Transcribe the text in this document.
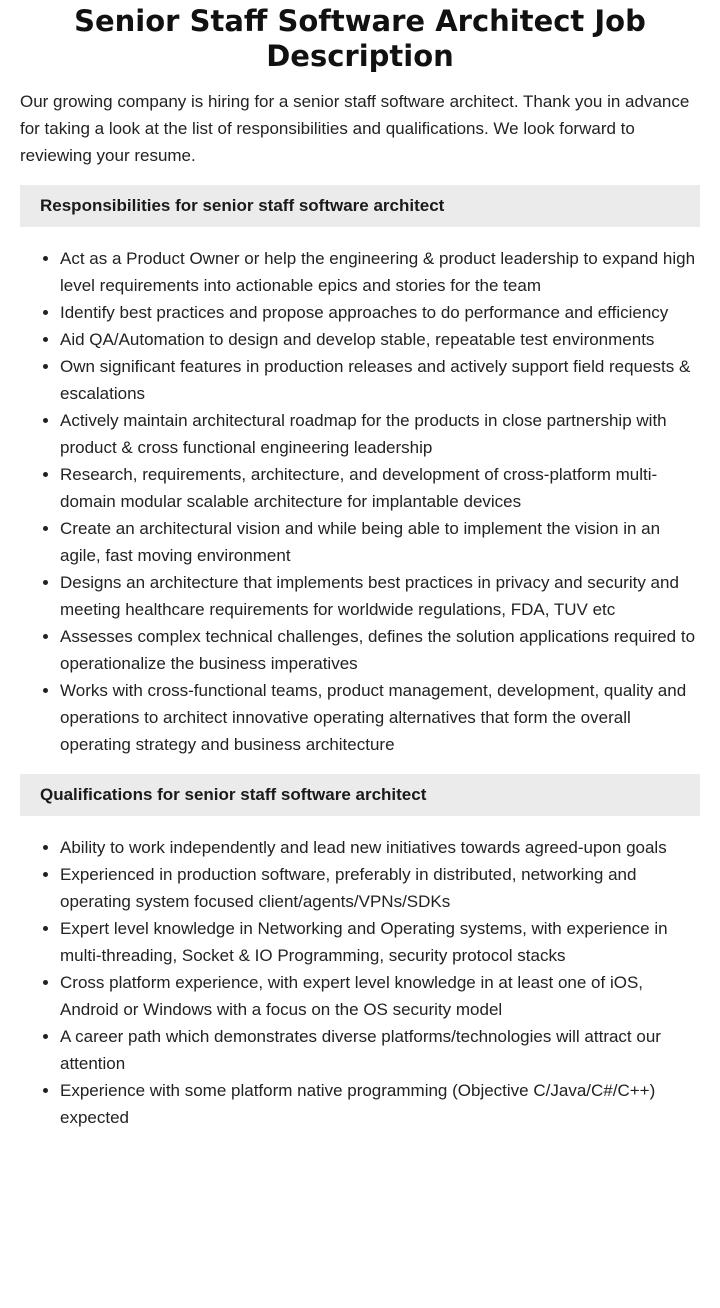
Senior Staff Software Architect Job Description

Our growing company is hiring for a senior staff software architect. Thank you in advance for taking a look at the list of responsibilities and qualifications. We look forward to reviewing your resume.

Responsibilities for senior staff software architect
• Act as a Product Owner or help the engineering & product leadership to expand high level requirements into actionable epics and stories for the team
• Identify best practices and propose approaches to do performance and efficiency
• Aid QA/Automation to design and develop stable, repeatable test environments
• Own significant features in production releases and actively support field requests & escalations
• Actively maintain architectural roadmap for the products in close partnership with product & cross functional engineering leadership
• Research, requirements, architecture, and development of cross-platform multi-domain modular scalable architecture for implantable devices
• Create an architectural vision and while being able to implement the vision in an agile, fast moving environment
• Designs an architecture that implements best practices in privacy and security and meeting healthcare requirements for worldwide regulations, FDA, TUV etc
• Assesses complex technical challenges, defines the solution applications required to operationalize the business imperatives
• Works with cross-functional teams, product management, development, quality and operations to architect innovative operating alternatives that form the overall operating strategy and business architecture
Qualifications for senior staff software architect
• Ability to work independently and lead new initiatives towards agreed-upon goals
• Experienced in production software, preferably in distributed, networking and operating system focused client/agents/VPNs/SDKs
• Expert level knowledge in Networking and Operating systems, with experience in multi-threading, Socket & IO Programming, security protocol stacks
• Cross platform experience, with expert level knowledge in at least one of iOS, Android or Windows with a focus on the OS security model
• A career path which demonstrates diverse platforms/technologies will attract our attention
• Experience with some platform native programming (Objective C/Java/C#/C++) expected
